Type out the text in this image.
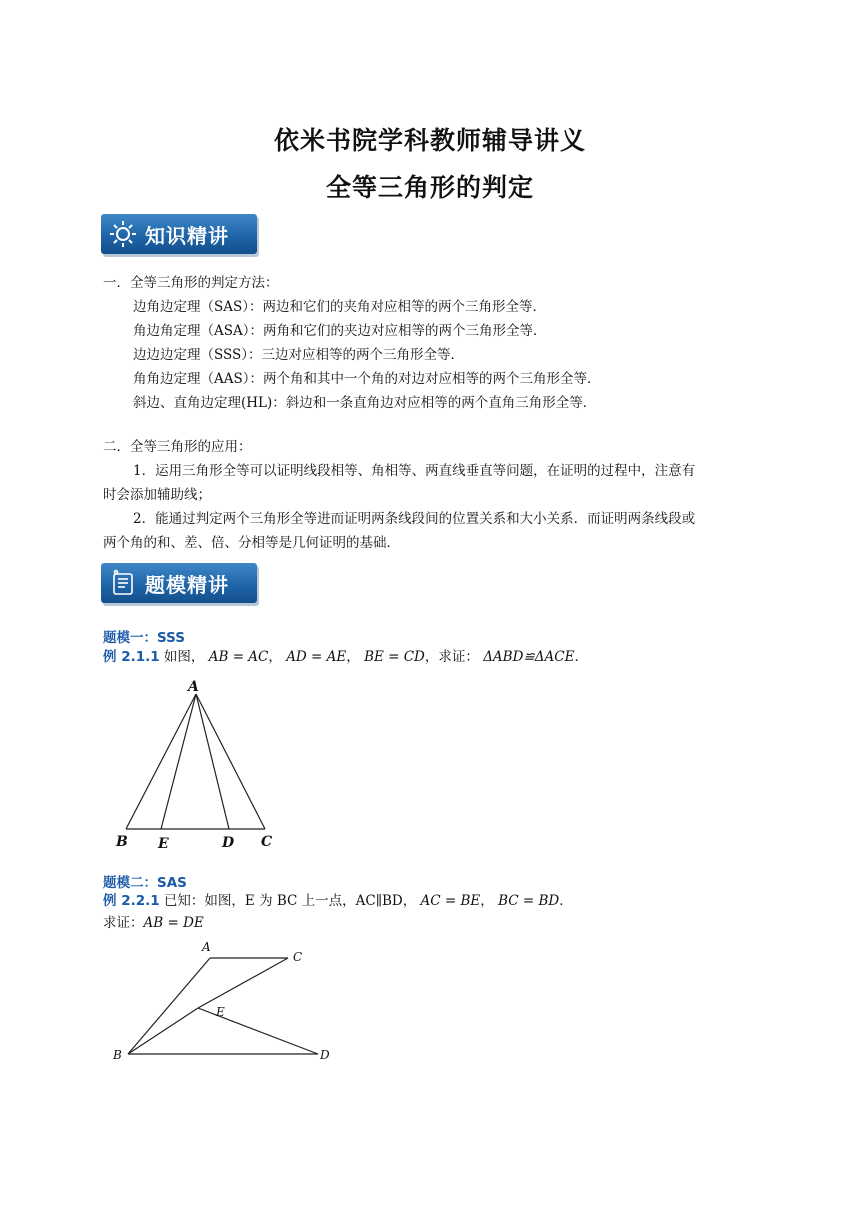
依米书院学科教师辅导讲义
全等三角形的判定
知识精讲
一．全等三角形的判定方法：
边角边定理（SAS）：两边和它们的夹角对应相等的两个三角形全等．
角边角定理（ASA）：两角和它们的夹边对应相等的两个三角形全等．
边边边定理（SSS）：三边对应相等的两个三角形全等．
角角边定理（AAS）：两个角和其中一个角的对边对应相等的两个三角形全等．
斜边、直角边定理(HL)：斜边和一条直角边对应相等的两个直角三角形全等．
二．全等三角形的应用：
1．运用三角形全等可以证明线段相等、角相等、两直线垂直等问题，在证明的过程中，注意有
时会添加辅助线；
2．能通过判定两个三角形全等进而证明两条线段间的位置关系和大小关系．而证明两条线段或
两个角的和、差、倍、分相等是几何证明的基础．
题模精讲
题模一：SSS
例 2.1.1 如图， AB = AC， AD = AE， BE = CD，求证： ΔABD≌ΔACE．
A
B E	D C
题模二：SAS
例 2.2.1 已知：如图，E 为 BC 上一点，AC∥BD， AC = BE， BC = BD．
求证：AB = DE
A
C
E
B	D
